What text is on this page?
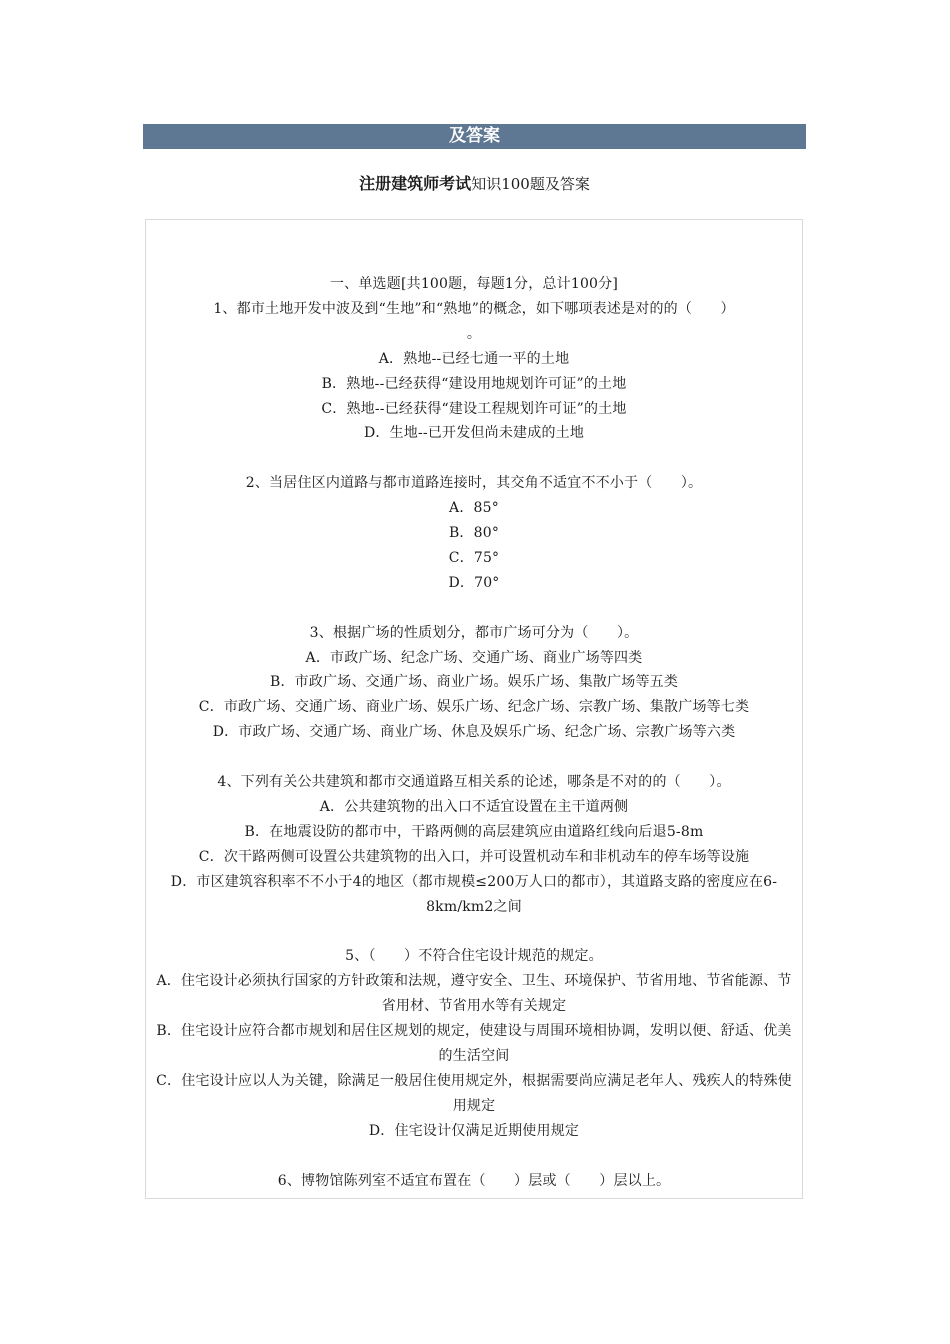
及答案
注册建筑师考试知识100题及答案
一、单选题[共100题，每题1分，总计100分]
1、都市土地开发中波及到“生地”和“熟地”的概念，如下哪项表述是对的的（　　）
。
A．熟地--已经七通一平的土地
B．熟地--已经获得“建设用地规划许可证”的土地
C．熟地--已经获得“建设工程规划许可证”的土地
D．生地--已开发但尚未建成的土地
2、当居住区内道路与都市道路连接时，其交角不适宜不不小于（　　）。
A．85°
B．80°
C．75°
D．70°
3、根据广场的性质划分，都市广场可分为（　　）。
A．市政广场、纪念广场、交通广场、商业广场等四类
B．市政广场、交通广场、商业广场。娱乐广场、集散广场等五类
C．市政广场、交通广场、商业广场、娱乐广场、纪念广场、宗教广场、集散广场等七类
D．市政广场、交通广场、商业广场、休息及娱乐广场、纪念广场、宗教广场等六类
4、下列有关公共建筑和都市交通道路互相关系的论述，哪条是不对的的（　　）。
A．公共建筑物的出入口不适宜设置在主干道两侧
B．在地震设防的都市中，干路两侧的高层建筑应由道路红线向后退5-8m
C．次干路两侧可设置公共建筑物的出入口，并可设置机动车和非机动车的停车场等设施
D．市区建筑容积率不不小于4的地区（都市规模≤200万人口的都市），其道路支路的密度应在6-8km/km2之间
5、（　　）不符合住宅设计规范的规定。
A．住宅设计必须执行国家的方针政策和法规，遵守安全、卫生、环境保护、节省用地、节省能源、节省用材、节省用水等有关规定
B．住宅设计应符合都市规划和居住区规划的规定，使建设与周围环境相协调，发明以便、舒适、优美的生活空间
C．住宅设计应以人为关键，除满足一般居住使用规定外，根据需要尚应满足老年人、残疾人的特殊使用规定
D．住宅设计仅满足近期使用规定
6、博物馆陈列室不适宜布置在（　　）层或（　　）层以上。
